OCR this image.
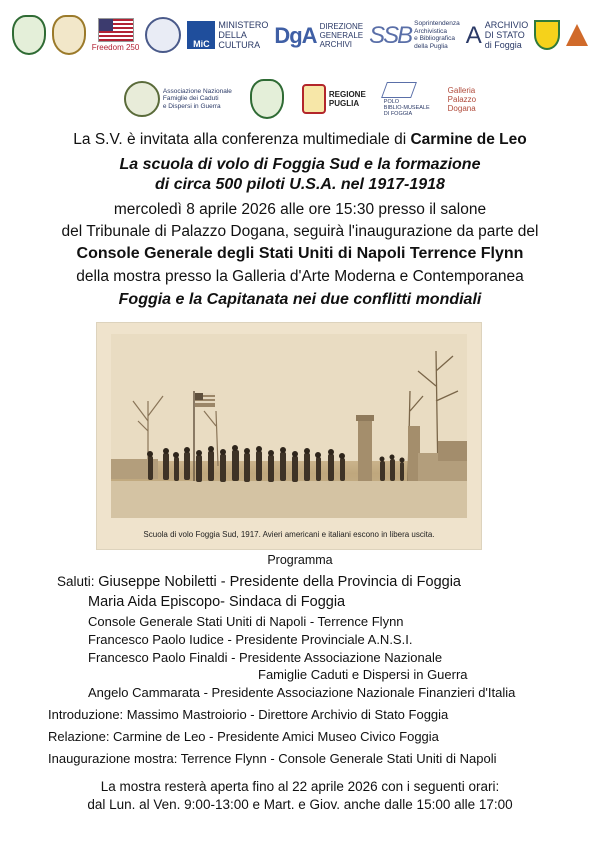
Freedom 250	MiC
MINISTERO
DELLA
CULTURA DgA DIREZIONE
GENERALE
ARCHIVI SSB Soprintendenza
Archivistica
e Bibliografica
della Puglia A ARCHIVIO
DI STATO
di Foggia
Associazione Nazionale
Famiglie dei Caduti
e Dispersi in Guerra
REGIONE
PUGLIA	POLO
BIBLIO-MUSEALE
DI FOGGIA
Galleria
Palazzo
Dogana
La S.V. è invitata alla conferenza multimediale di Carmine de Leo
La scuola di volo di Foggia Sud e la formazione
di circa 500 piloti U.S.A. nel 1917-1918
mercoledì 8 aprile 2026 alle ore 15:30 presso il salone
del Tribunale di Palazzo Dogana, seguirà l'inaugurazione da parte del
Console Generale degli Stati Uniti di Napoli Terrence Flynn
della mostra presso la Galleria d'Arte Moderna e Contemporanea
Foggia e la Capitanata nei due conflitti mondiali
Scuola di volo Foggia Sud, 1917. Avieri americani e italiani escono in libera uscita.
Programma
Saluti: Giuseppe Nobiletti - Presidente della Provincia di Foggia
Maria Aida Episcopo- Sindaca di Foggia
Console Generale Stati Uniti di Napoli - Terrence Flynn
Francesco Paolo Iudice - Presidente Provinciale A.N.S.I.
Francesco Paolo Finaldi - Presidente Associazione Nazionale
Famiglie Caduti e Dispersi in Guerra
Angelo Cammarata - Presidente Associazione Nazionale Finanzieri d'Italia
Introduzione: Massimo Mastroiorio - Direttore Archivio di Stato Foggia
Relazione: Carmine de Leo - Presidente Amici Museo Civico Foggia
Inaugurazione mostra: Terrence Flynn - Console Generale Stati Uniti di Napoli
La mostra resterà aperta fino al 22 aprile 2026 con i seguenti orari:
dal Lun. al Ven. 9:00-13:00 e Mart. e Giov. anche dalle 15:00 alle 17:00
